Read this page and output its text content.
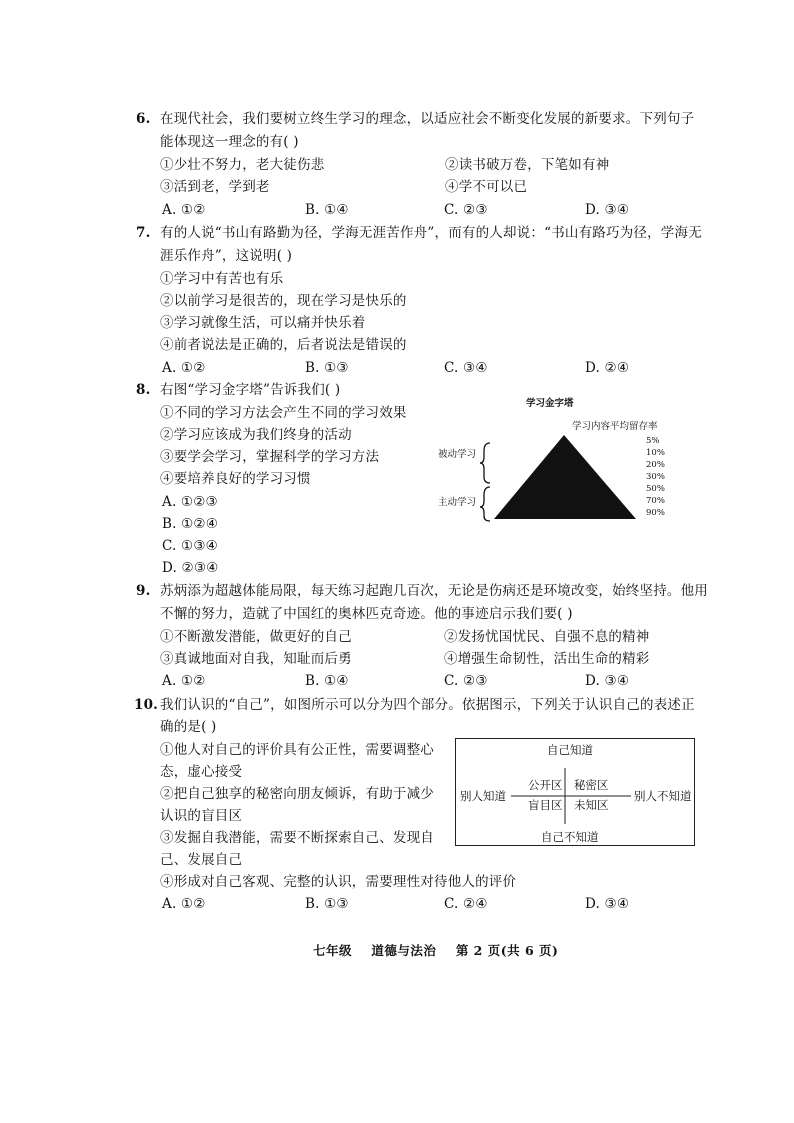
6. 在现代社会，我们要树立终生学习的理念，以适应社会不断变化发展的新要求。下列句子
能体现这一理念的有( )
①少壮不努力，老大徒伤悲	②读书破万卷，下笔如有神
③活到老，学到老	④学不可以已
A. ①②	B. ①④	C. ②③	D. ③④
7. 有的人说“书山有路勤为径，学海无涯苦作舟”，而有的人却说：“书山有路巧为径，学海无
涯乐作舟”，这说明( )
①学习中有苦也有乐
②以前学习是很苦的，现在学习是快乐的
③学习就像生活，可以痛并快乐着
④前者说法是正确的，后者说法是错误的
A. ①②	B. ①③	C. ③④	D. ②④
8. 右图“学习金字塔”告诉我们( )
①不同的学习方法会产生不同的学习效果
②学习应该成为我们终身的活动
③要学会学习，掌握科学的学习方法
④要培养良好的学习习惯
A. ①②③
B. ①②④
C. ①③④
D. ②③④
学习金字塔
学习内容平均留存率
被动学习
主动学习
5%
10%
20%
30%
50%
70%
90%
9. 苏炳添为超越体能局限，每天练习起跑几百次，无论是伤病还是环境改变，始终坚持。他用
不懈的努力，造就了中国红的奥林匹克奇迹。他的事迹启示我们要( )
①不断激发潜能，做更好的自己	②发扬忧国忧民、自强不息的精神
③真诚地面对自我，知耻而后勇	④增强生命韧性，活出生命的精彩
A. ①②	B. ①④	C. ②③	D. ③④
10. 我们认识的“自己”，如图所示可以分为四个部分。依据图示，下列关于认识自己的表述正
确的是( )
①他人对自己的评价具有公正性，需要调整心
态，虚心接受
②把自己独享的秘密向朋友倾诉，有助于减少
认识的盲目区
③发掘自我潜能，需要不断探索自己、发现自
己、发展自己
④形成对自己客观、完整的认识，需要理性对待他人的评价
A. ①②	B. ①③	C. ②④	D. ③④
自己知道
自己不知道
别人知道	别人不知道
公开区 秘密区
盲目区 未知区
七年级    道德与法治    第 2 页(共 6 页)
